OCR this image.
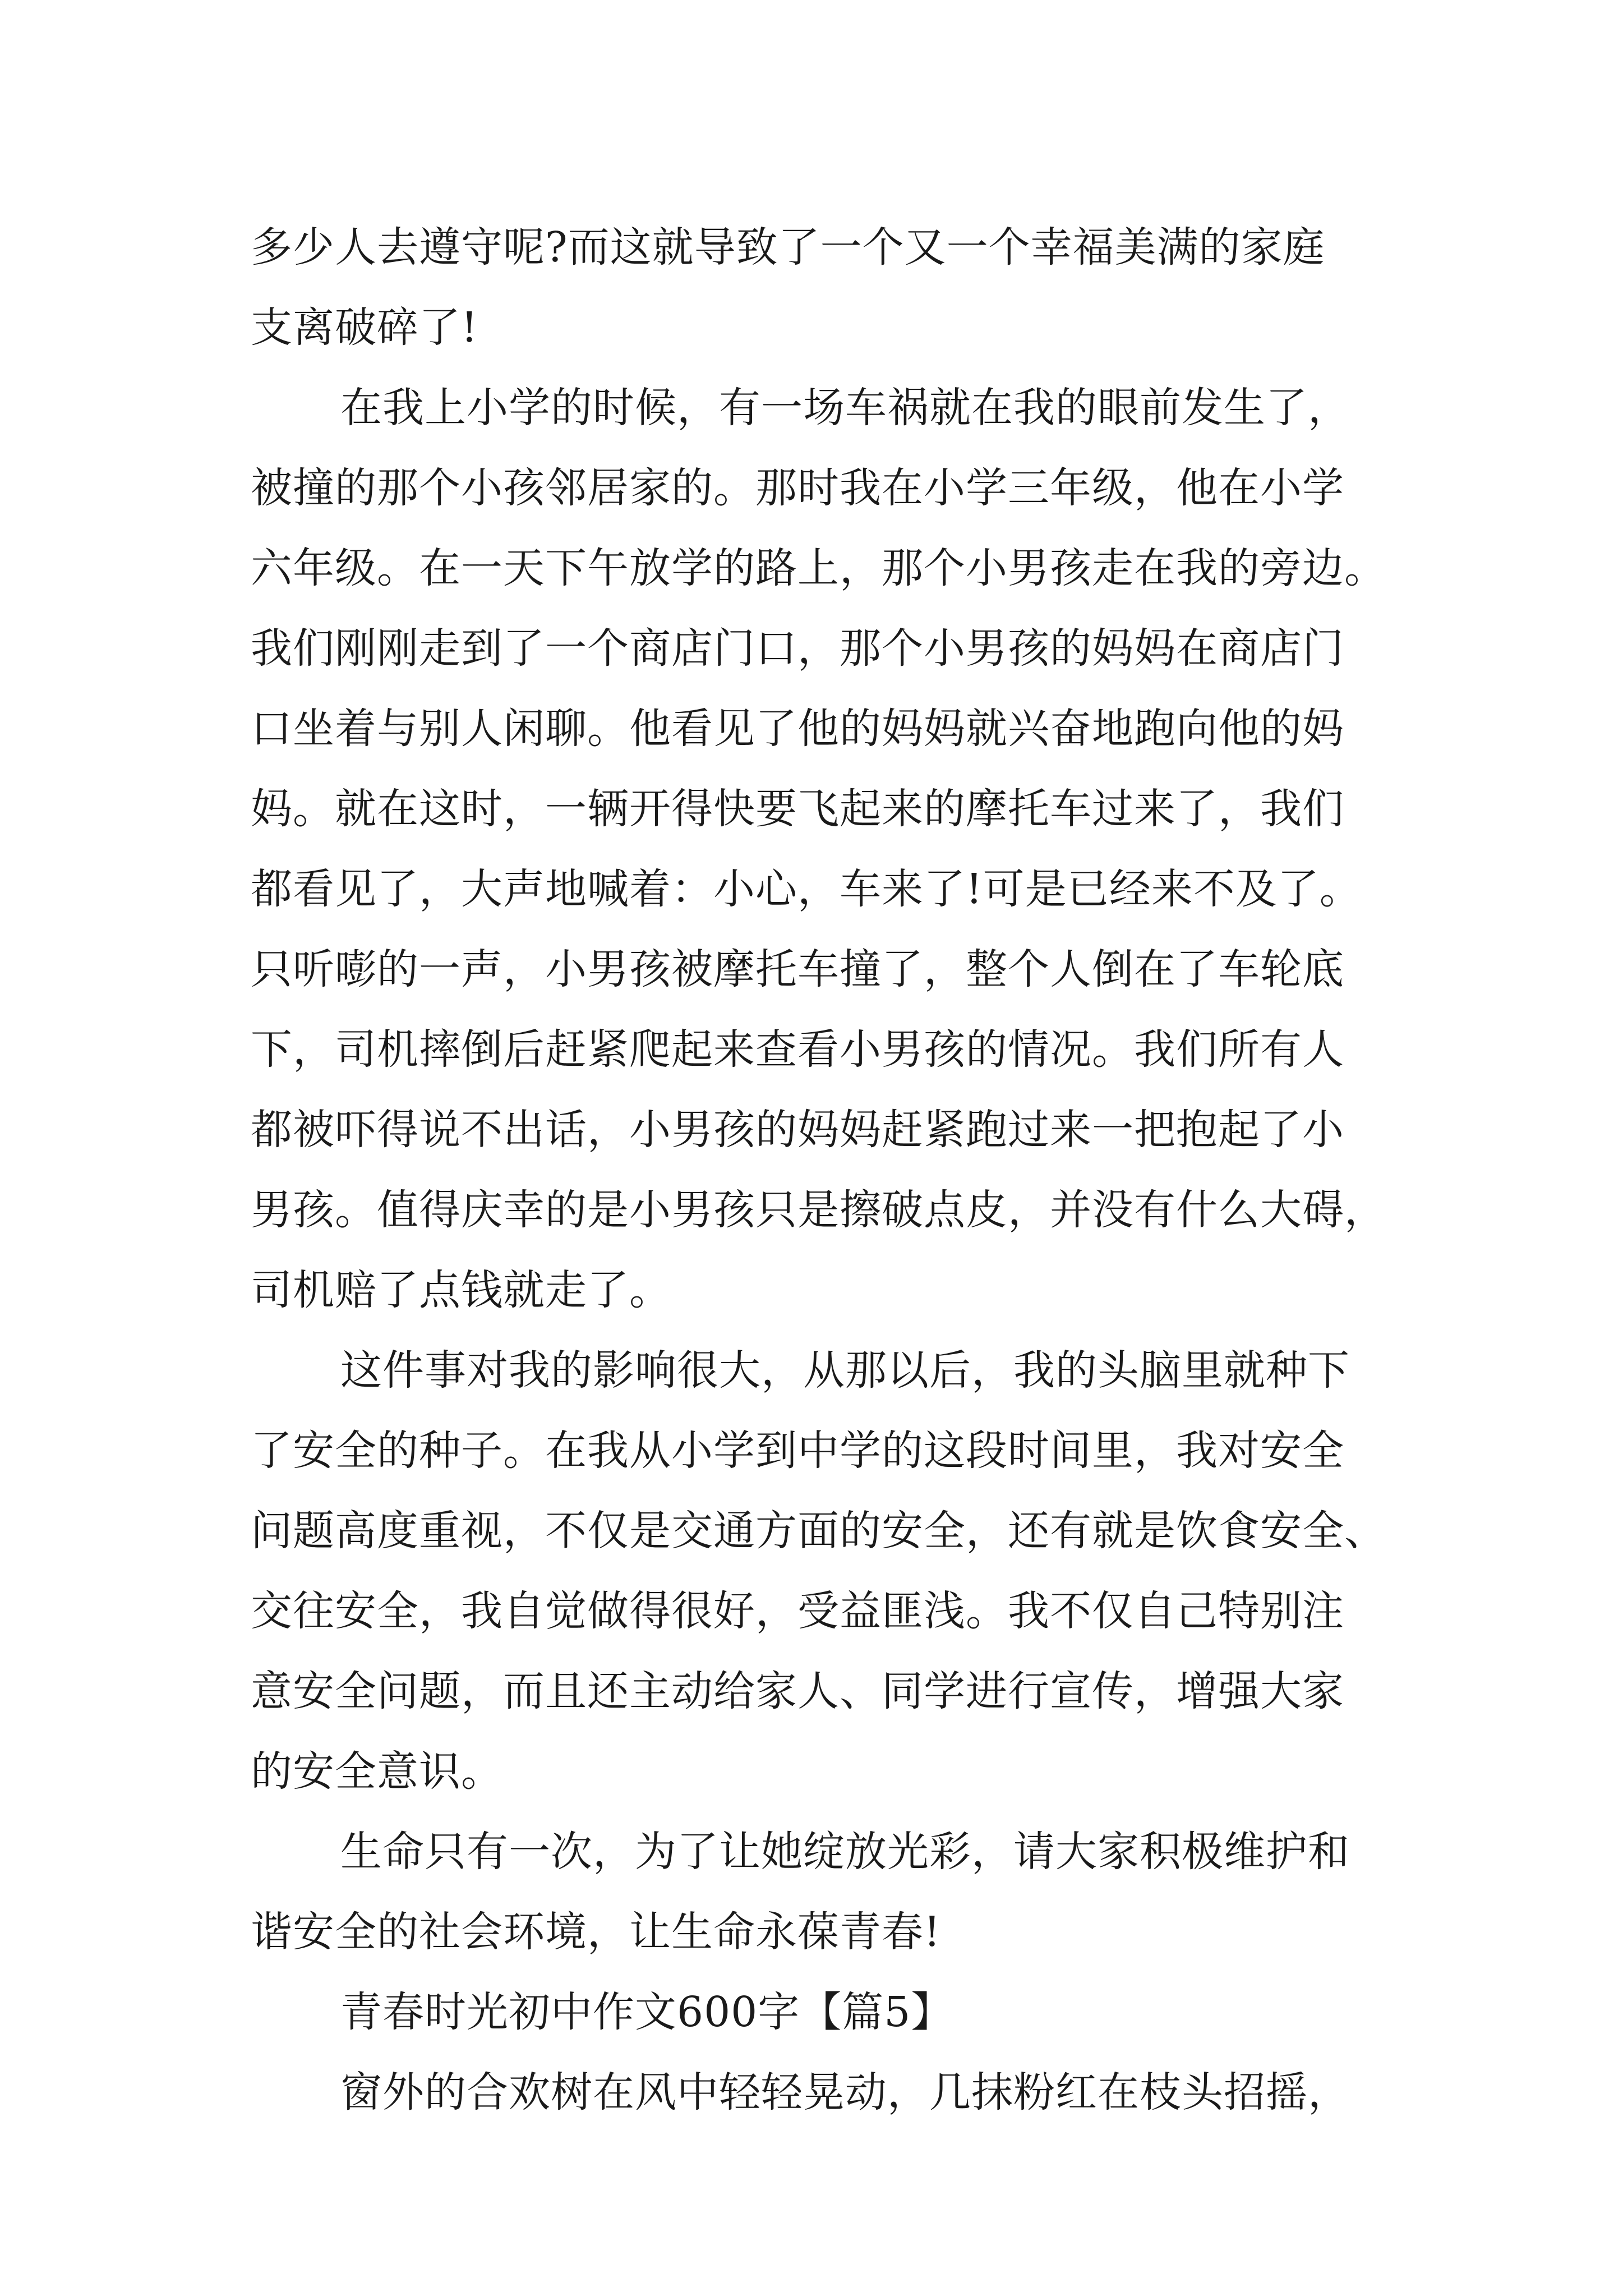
多少人去遵守呢?而这就导致了一个又一个幸福美满的家庭
支离破碎了!
在我上小学的时候，有一场车祸就在我的眼前发生了，
被撞的那个小孩邻居家的。那时我在小学三年级，他在小学
六年级。在一天下午放学的路上，那个小男孩走在我的旁边。
我们刚刚走到了一个商店门口，那个小男孩的妈妈在商店门
口坐着与别人闲聊。他看见了他的妈妈就兴奋地跑向他的妈
妈。就在这时，一辆开得快要飞起来的摩托车过来了，我们
都看见了，大声地喊着：小心，车来了!可是已经来不及了。
只听嘭的一声，小男孩被摩托车撞了，整个人倒在了车轮底
下，司机摔倒后赶紧爬起来查看小男孩的情况。我们所有人
都被吓得说不出话，小男孩的妈妈赶紧跑过来一把抱起了小
男孩。值得庆幸的是小男孩只是擦破点皮，并没有什么大碍，
司机赔了点钱就走了。
这件事对我的影响很大，从那以后，我的头脑里就种下
了安全的种子。在我从小学到中学的这段时间里，我对安全
问题高度重视，不仅是交通方面的安全，还有就是饮食安全、
交往安全，我自觉做得很好，受益匪浅。我不仅自己特别注
意安全问题，而且还主动给家人、同学进行宣传，增强大家
的安全意识。
生命只有一次，为了让她绽放光彩，请大家积极维护和
谐安全的社会环境，让生命永葆青春!
青春时光初中作文600字【篇5】
窗外的合欢树在风中轻轻晃动，几抹粉红在枝头招摇，
